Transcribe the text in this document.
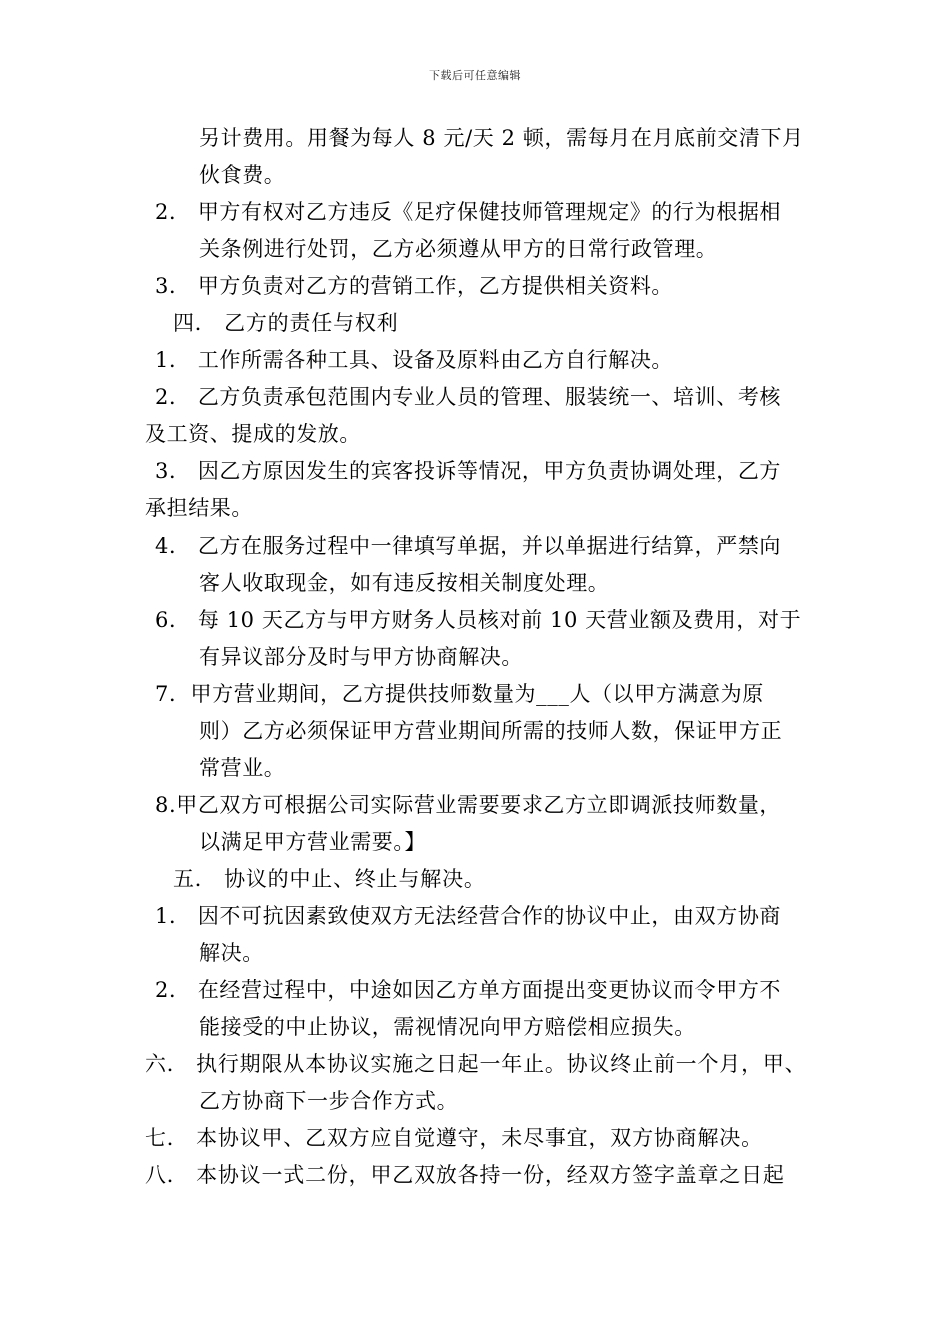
下载后可任意编辑
另计费用。用餐为每人 8 元/天 2 顿，需每月在月底前交清下月
伙食费。
2． 甲方有权对乙方违反《足疗保健技师管理规定》的行为根据相
关条例进行处罚，乙方必须遵从甲方的日常行政管理。
3． 甲方负责对乙方的营销工作，乙方提供相关资料。
四． 乙方的责任与权利
1． 工作所需各种工具、设备及原料由乙方自行解决。
2． 乙方负责承包范围内专业人员的管理、服装统一、培训、考核
及工资、提成的发放。
3． 因乙方原因发生的宾客投诉等情况，甲方负责协调处理，乙方
承担结果。
4． 乙方在服务过程中一律填写单据，并以单据进行结算，严禁向
客人收取现金，如有违反按相关制度处理。
6． 每 10 天乙方与甲方财务人员核对前 10 天营业额及费用，对于
有异议部分及时与甲方协商解决。
7．甲方营业期间，乙方提供技师数量为___人（以甲方满意为原
则）乙方必须保证甲方营业期间所需的技师人数，保证甲方正
常营业。
8.甲乙双方可根据公司实际营业需要要求乙方立即调派技师数量，
以满足甲方营业需要。】
五． 协议的中止、终止与解决。
1． 因不可抗因素致使双方无法经营合作的协议中止，由双方协商
解决。
2． 在经营过程中，中途如因乙方单方面提出变更协议而令甲方不
能接受的中止协议，需视情况向甲方赔偿相应损失。
六． 执行期限从本协议实施之日起一年止。协议终止前一个月，甲、
乙方协商下一步合作方式。
七． 本协议甲、乙双方应自觉遵守，未尽事宜，双方协商解决。
八． 本协议一式二份，甲乙双放各持一份，经双方签字盖章之日起
